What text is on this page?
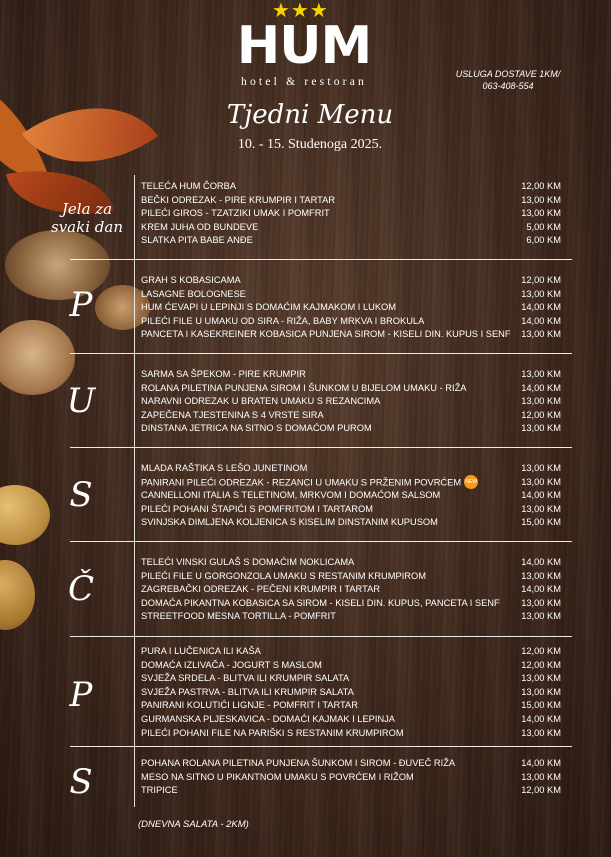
★★★
HUM
hotel & restoran
USLUGA DOSTAVE 1KM/
063-408-554
Tjedni Menu
10. - 15. Studenoga 2025.
Jela za
svaki dan
TELEĆA HUM ČORBA	12,00 KM
BEČKI ODREZAK - PIRE KRUMPIR I TARTAR	13,00 KM
PILEĆI GIROS - TZATZIKI UMAK I POMFRIT	13,00 KM
KREM JUHA OD BUNDEVE	5,00 KM
SLATKA PITA BABE ANĐE	6,00 KM
P
U
S
Č
P
S
GRAH S KOBASICAMA	12,00 KM
LASAGNE BOLOGNESE	13,00 KM
HUM ĆEVAPI U LEPINJI S DOMAĆIM KAJMAKOM I LUKOM	14,00 KM
PILEĆI FILE U UMAKU OD SIRA - RIŽA, BABY MRKVA I BROKULA	14,00 KM
PANCETA I KASEKREINER KOBASICA PUNJENA SIROM - KISELI DIN. KUPUS I SENF	13,00 KM
SARMA SA ŠPEKOM - PIRE KRUMPIR	13,00 KM
ROLANA PILETINA PUNJENA SIROM I ŠUNKOM U BIJELOM UMAKU - RIŽA	14,00 KM
NARAVNI ODREZAK U BRATEN UMAKU S REZANCIMA	13,00 KM
ZAPEČENA TJESTENINA S 4 VRSTE SIRA	12,00 KM
DINSTANA JETRICA NA SITNO S DOMAĆOM PUROM	13,00 KM
MLADA RAŠTIKA S LEŠO JUNETINOM	13,00 KM
PANIRANI PILEĆI ODREZAK - REZANCI U UMAKU S PRŽENIM POVRĆEM NEW	13,00 KM
CANNELLONI ITALIA S TELETINOM, MRKVOM I DOMAĆOM SALSOM	14,00 KM
PILEĆI POHANI ŠTAPIĆI S POMFRITOM I TARTAROM	13,00 KM
SVINJSKA DIMLJENA KOLJENICA S KISELIM DINSTANIM KUPUSOM	15,00 KM
TELEĆI VINSKI GULAŠ S DOMAĆIM NOKLICAMA	14,00 KM
PILEĆI FILE U GORGONZOLA UMAKU S RESTANIM KRUMPIROM	13,00 KM
ZAGREBAČKI ODREZAK - PEČENI KRUMPIR I TARTAR	14,00 KM
DOMAĆA PIKANTNA KOBASICA SA SIROM - KISELI DIN. KUPUS, PANCETA I SENF	13,00 KM
STREETFOOD MESNA TORTILLA - POMFRIT	13,00 KM
PURA I LUČENICA ILI KAŠA	12,00 KM
DOMAĆA IZLIVAČA - JOGURT S MASLOM	12,00 KM
SVJEŽA SRDELA - BLITVA ILI KRUMPIR SALATA	13,00 KM
SVJEŽA PASTRVA - BLITVA ILI KRUMPIR SALATA	13,00 KM
PANIRANI KOLUTIĆI LIGNJE - POMFRIT I TARTAR	15,00 KM
GURMANSKA PLJESKAVICA - DOMAĆI KAJMAK I LEPINJA	14,00 KM
PILEĆI POHANI FILE NA PARIŠKI S RESTANIM KRUMPIROM	13,00 KM
POHANA ROLANA PILETINA PUNJENA ŠUNKOM I SIROM - ĐUVEČ RIŽA	14,00 KM
MESO NA SITNO U PIKANTNOM UMAKU S POVRĆEM I RIŽOM	13,00 KM
TRIPICE	12,00 KM
(DNEVNA SALATA - 2KM)
